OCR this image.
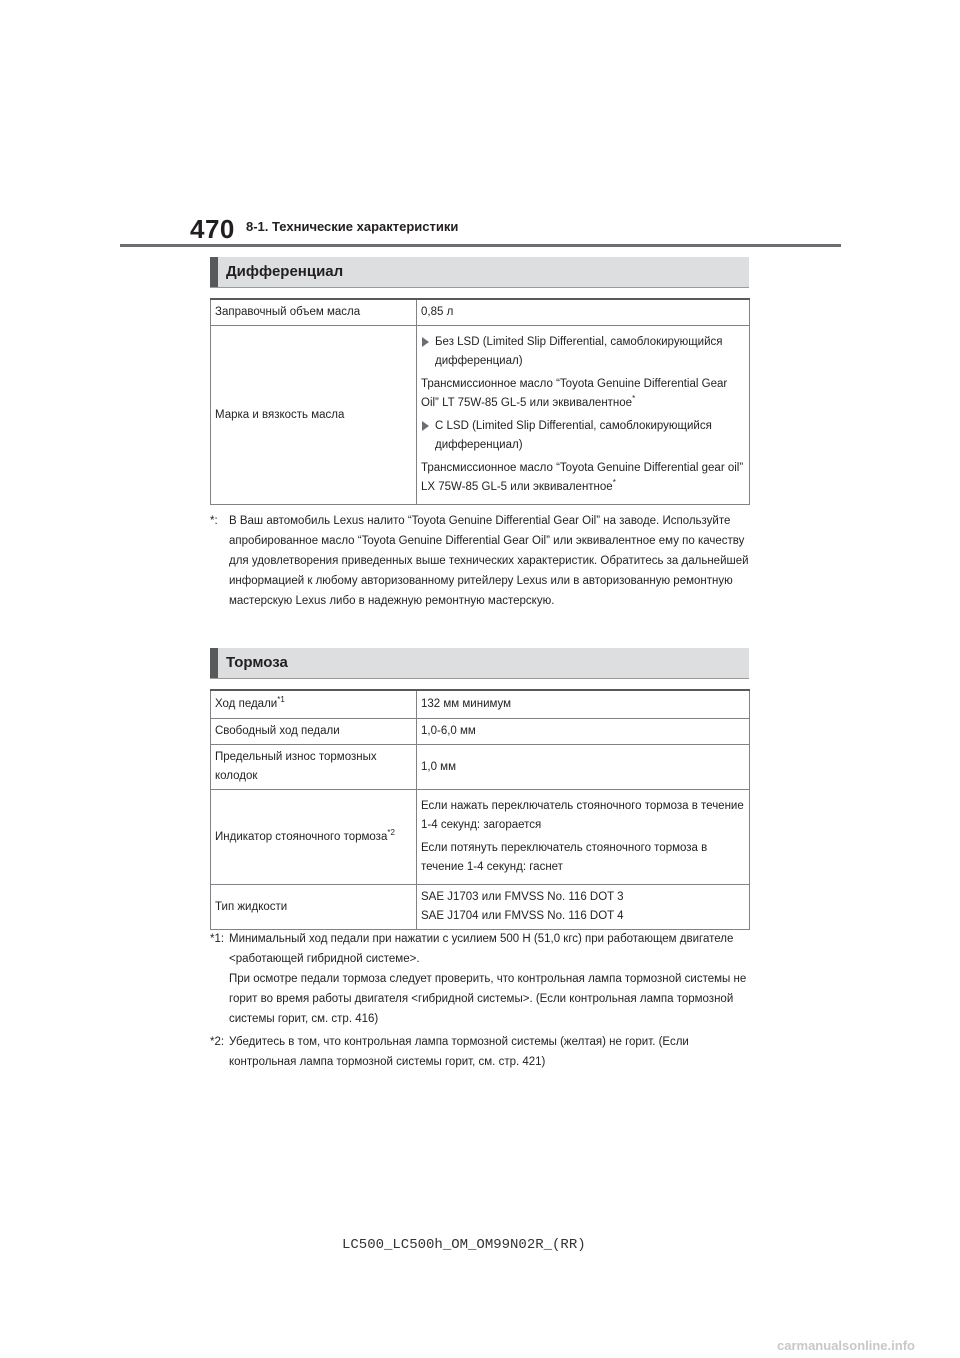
470 8-1. Технические характеристики
Дифференциал
Заправочный объем масла	0,85 л
Марка и вязкость масла	Без LSD (Limited Slip Differential, самоблокирующийся дифференциал)
Трансмиссионное масло “Toyota Genuine Differential Gear Oil” LT 75W-85 GL-5 или эквивалентное*
С LSD (Limited Slip Differential, самоблокирующийся дифференциал)
Трансмиссионное масло “Toyota Genuine Differential gear oil” LX 75W-85 GL-5 или эквивалентное*
*: В Ваш автомобиль Lexus налито “Toyota Genuine Differential Gear Oil” на заводе. Используйте апробированное масло “Toyota Genuine Differential Gear Oil” или эквивалентное ему по качеству для удовлетворения приведенных выше технических характеристик. Обратитесь за дальнейшей информацией к любому авторизованному ритейлеру Lexus или в авторизованную ремонтную мастерскую Lexus либо в надежную ремонтную мастерскую.
Тормоза
Ход педали$^{*1}$	132 мм минимум
Свободный ход педали	1,0-6,0 мм
Предельный износ тормозных колодок	1,0 мм
Индикатор стояночного тормоза$^{*2}$	Если нажать переключатель стояночного тормоза в течение 1-4 секунд: загорается
Если потянуть переключатель стояночного тормоза в течение 1-4 секунд: гаснет

Тип жидкости	SAE J1703 или FMVSS No. 116 DOT 3
SAE J1704 или FMVSS No. 116 DOT 4
*1: Минимальный ход педали при нажатии с усилием 500 Н (51,0 кгс) при работающем двигателе <работающей гибридной системе>.
При осмотре педали тормоза следует проверить, что контрольная лампа тормозной системы не горит во время работы двигателя <гибридной системы>. (Если контрольная лампа тормозной системы горит, см. стр. 416)
*2: Убедитесь в том, что контрольная лампа тормозной системы (желтая) не горит. (Если контрольная лампа тормозной системы горит, см. стр. 421)
LC500_LC500h_OM_OM99N02R_(RR)
carmanualsonline.info
